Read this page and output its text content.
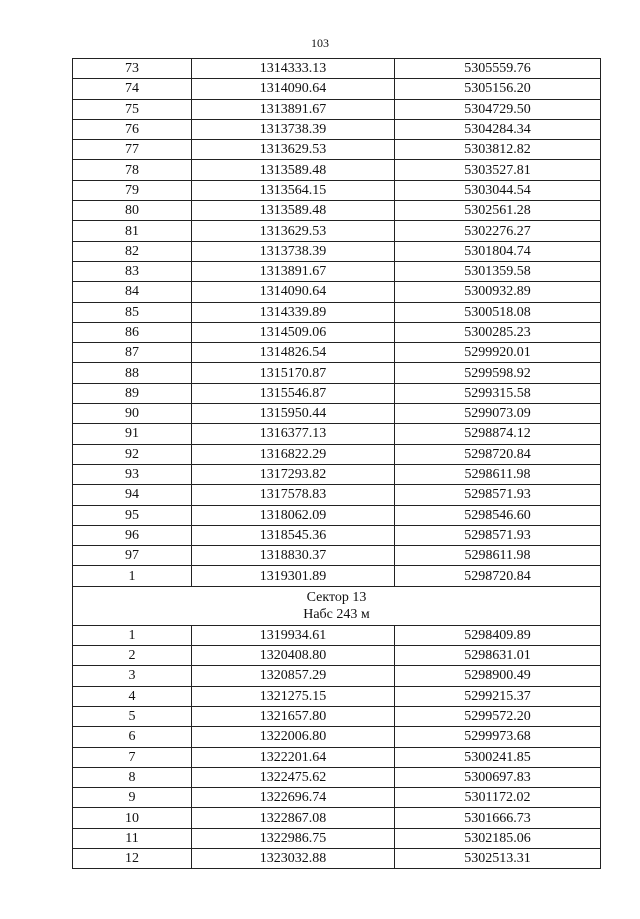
103
73	1314333.13	5305559.76
74	1314090.64	5305156.20
75	1313891.67	5304729.50
76	1313738.39	5304284.34
77	1313629.53	5303812.82
78	1313589.48	5303527.81
79	1313564.15	5303044.54
80	1313589.48	5302561.28
81	1313629.53	5302276.27
82	1313738.39	5301804.74
83	1313891.67	5301359.58
84	1314090.64	5300932.89
85	1314339.89	5300518.08
86	1314509.06	5300285.23
87	1314826.54	5299920.01
88	1315170.87	5299598.92
89	1315546.87	5299315.58
90	1315950.44	5299073.09
91	1316377.13	5298874.12
92	1316822.29	5298720.84
93	1317293.82	5298611.98
94	1317578.83	5298571.93
95	1318062.09	5298546.60
96	1318545.36	5298571.93
97	1318830.37	5298611.98
1	1319301.89	5298720.84

Сектор 13
Набс 243 м		

1	1319934.61	5298409.89
2	1320408.80	5298631.01
3	1320857.29	5298900.49
4	1321275.15	5299215.37
5	1321657.80	5299572.20
6	1322006.80	5299973.68
7	1322201.64	5300241.85
8	1322475.62	5300697.83
9	1322696.74	5301172.02
10	1322867.08	5301666.73
11	1322986.75	5302185.06
12	1323032.88	5302513.31
